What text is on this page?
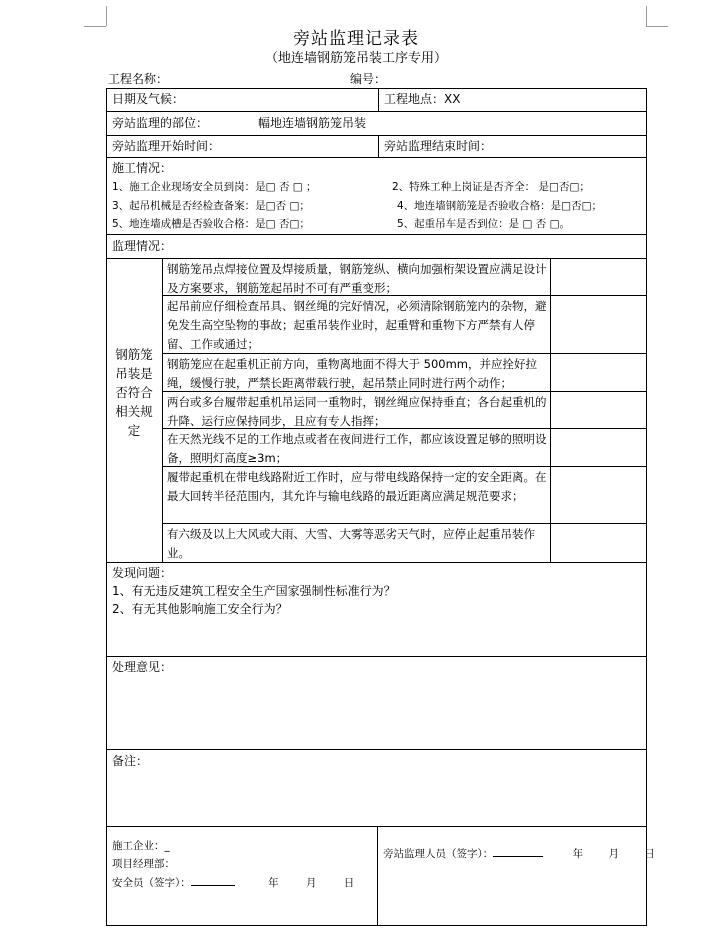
旁站监理记录表
（地连墙钢筋笼吊装工序专用）
工程名称：	编号：
日期及气候：	工程地点：XX
旁站监理的部位：	幅地连墙钢筋笼吊装
旁站监理开始时间：	旁站监理结束时间：
施工情况：
1、施工企业现场安全员到岗：是□ 否 □ ；	2、特殊工种上岗证是否齐全： 是□否□；
3、起吊机械是否经检查备案：是□否 □；	4、地连墙钢筋笼是否验收合格：是□否□；
5、地连墙成槽是否验收合格：是□ 否□；	5、起重吊车是否到位：是 □ 否 □。
监理情况：
钢筋笼吊装是否符合相关规定
钢筋笼吊点焊接位置及焊接质量，钢筋笼纵、横向加强桁架设置应满足设计及方案要求，钢筋笼起吊时不可有严重变形；
起吊前应仔细检查吊具、钢丝绳的完好情况，必须清除钢筋笼内的杂物，避免发生高空坠物的事故；起重吊装作业时，起重臂和重物下方严禁有人停留、工作或通过；
钢筋笼应在起重机正前方向，重物离地面不得大于 500mm，并应拴好拉绳，缓慢行驶，严禁长距离带载行驶，起吊禁止同时进行两个动作；
两台或多台履带起重机吊运同一重物时，钢丝绳应保持垂直；各台起重机的升降、运行应保持同步，且应有专人指挥；
在天然光线不足的工作地点或者在夜间进行工作，都应该设置足够的照明设备，照明灯高度≥3m；
履带起重机在带电线路附近工作时，应与带电线路保持一定的安全距离。在最大回转半径范围内，其允许与输电线路的最近距离应满足规范要求；
有六级及以上大风或大雨、大雪、大雾等恶劣天气时，应停止起重吊装作业。
发现问题：
1、有无违反建筑工程安全生产国家强制性标准行为？
2、有无其他影响施工安全行为？
处理意见：
备注：
施工企业：_
项目经理部：
安全员（签字）：	年	月	日
旁站监理人员（签字）：	年 月 日
